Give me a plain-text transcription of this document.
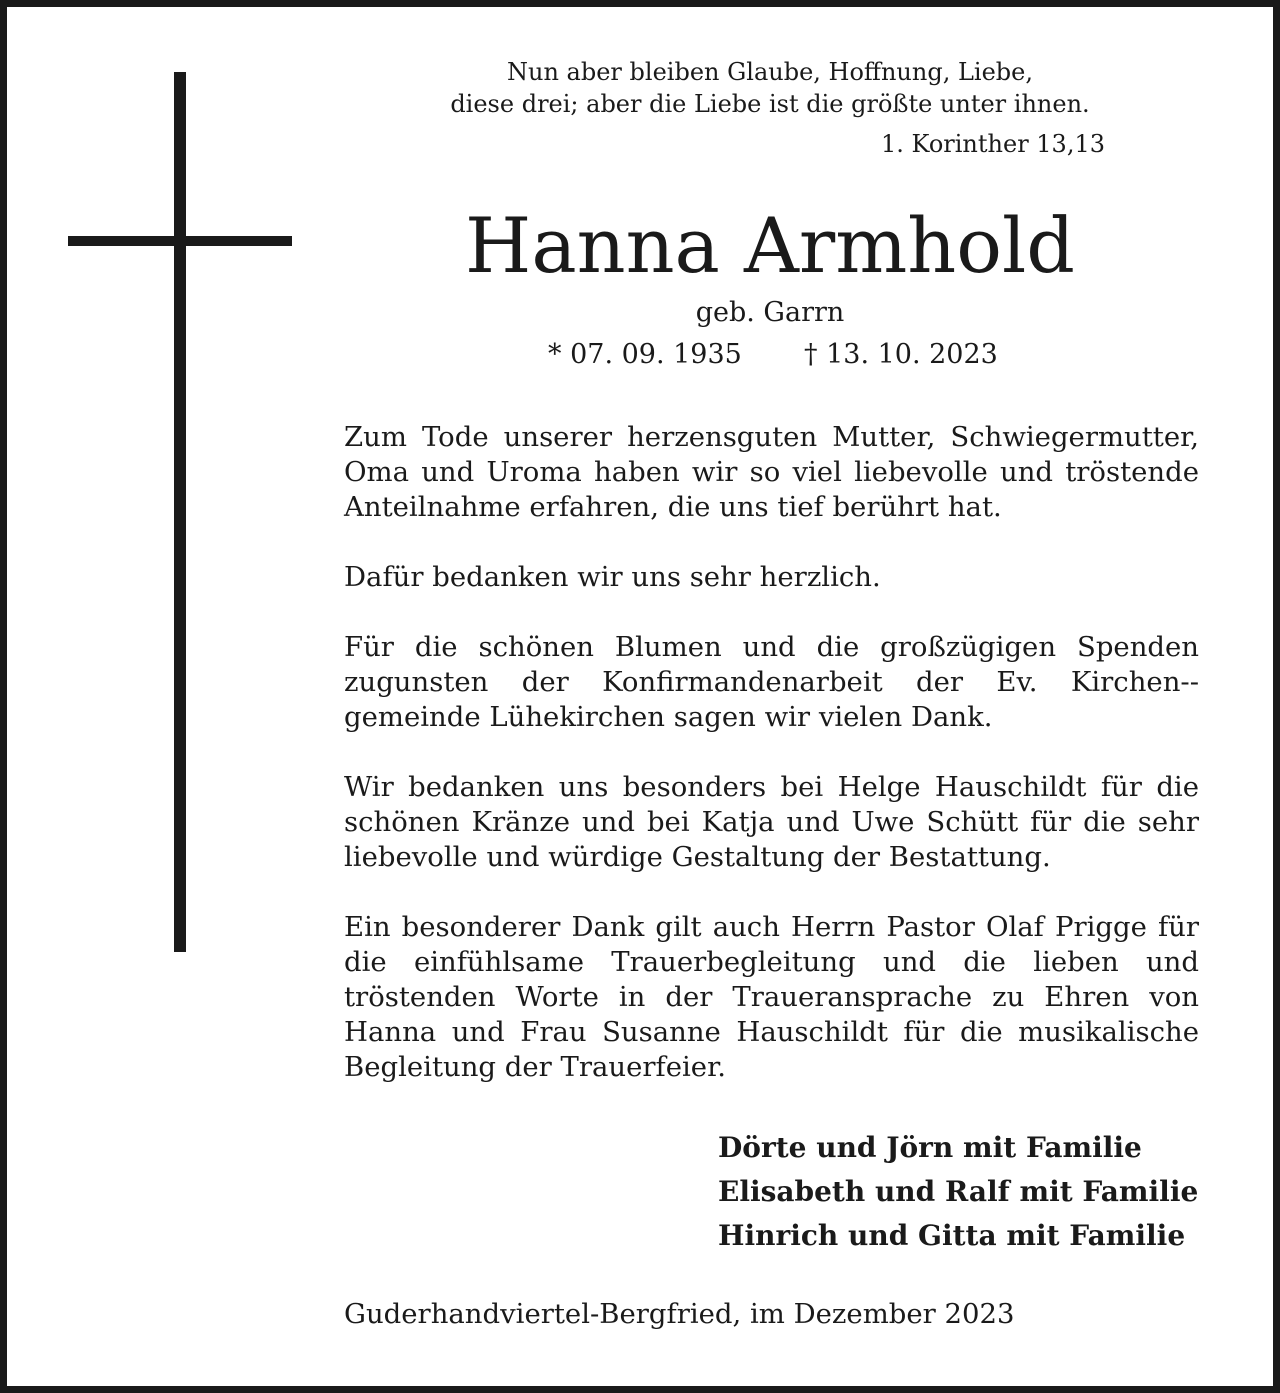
Nun aber bleiben Glaube, Hoffnung, Liebe,
diese drei; aber die Liebe ist die größte unter ihnen.
1. Korinther 13,13
Hanna Armhold
geb. Garrn
* 07. 09. 1935 † 13. 10. 2023

Zum Tode unserer herzensguten Mutter, Schwiegermutter, Oma und Uroma haben wir so viel liebevolle und tröstende Anteilnahme erfahren, die uns tief berührt hat.

Dafür bedanken wir uns sehr herzlich.

Für die schönen Blumen und die großzügigen Spenden zugunsten der Konfirmandenarbeit der Ev. Kirchen-gemeinde Lühekirchen sagen wir vielen Dank.

Wir bedanken uns besonders bei Helge Hauschildt für die schönen Kränze und bei Katja und Uwe Schütt für die sehr liebevolle und würdige Gestaltung der Bestattung.

Ein besonderer Dank gilt auch Herrn Pastor Olaf Prigge für die einfühlsame Trauerbegleitung und die lieben und tröstenden Worte in der Traueransprache zu Ehren von Hanna und Frau Susanne Hauschildt für die musikalische Begleitung der Trauerfeier.

Dörte und Jörn mit Familie
Elisabeth und Ralf mit Familie
Hinrich und Gitta mit Familie
Guderhandviertel-Bergfried, im Dezember 2023
